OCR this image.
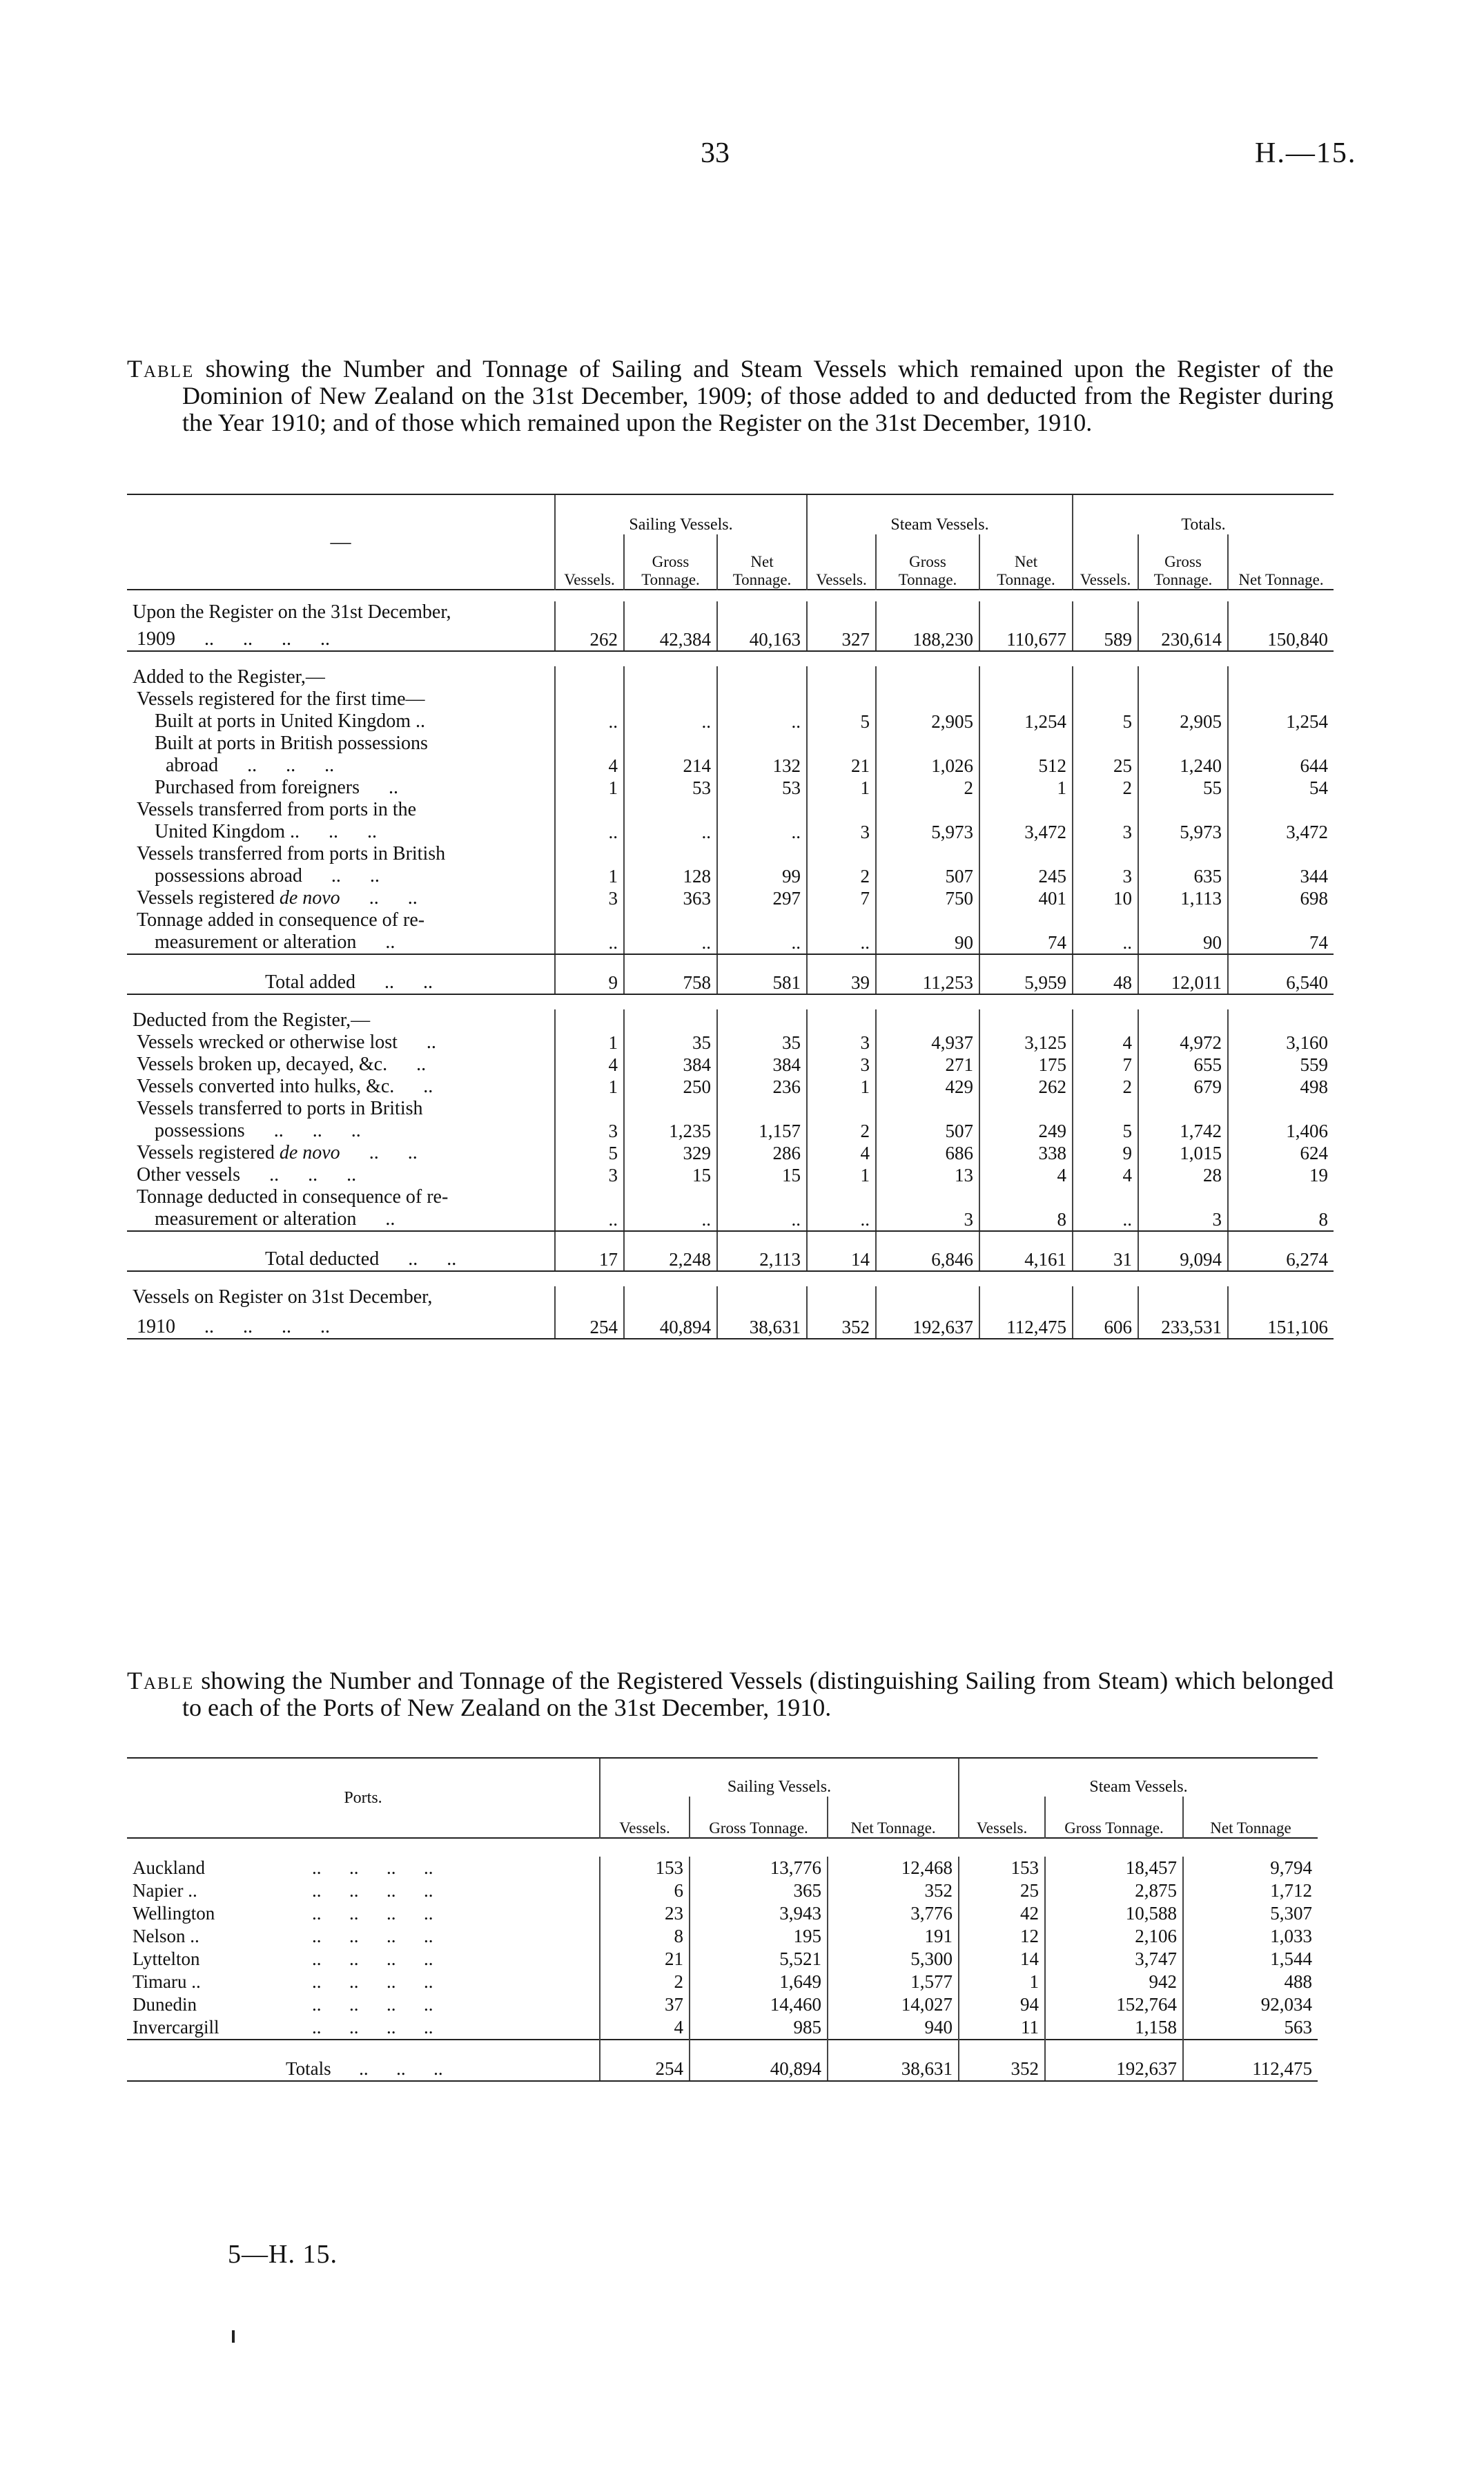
33	H.—15.

Table showing the Number and Tonnage of Sailing and Steam Vessels which remained upon the Register of the Dominion of New Zealand on the 31st December, 1909; of those added to and deducted from the Register during the Year 1910; and of those which remained upon the Register on the 31st December, 1910.

—	Sailing Vessels.			Steam Vessels.			Totals.		
	Vessels.	Gross Tonnage.	Net Tonnage.	Vessels.	Gross Tonnage.	Net Tonnage.	Vessels.	Gross Tonnage.	Net Tonnage.

Upon the Register on the 31st December,									
1909      ..      ..      ..      ..	262	42,384	40,163	327	188,230	110,677	589	230,614	150,840

Added to the Register,—									
Vessels registered for the first time—									
Built at ports in United Kingdom ..	..	..	..	5	2,905	1,254	5	2,905	1,254
Built at ports in British possessions									
abroad      ..      ..      ..	4	214	132	21	1,026	512	25	1,240	644
Purchased from foreigners      ..	1	53	53	1	2	1	2	55	54
Vessels transferred from ports in the									
United Kingdom ..      ..      ..	..	..	..	3	5,973	3,472	3	5,973	3,472
Vessels transferred from ports in British									
possessions abroad      ..      ..	1	128	99	2	507	245	3	635	344
Vessels registered de novo      ..      ..	3	363	297	7	750	401	10	1,113	698
Tonnage added in consequence of re-									
measurement or alteration      ..	..	..	..	..	90	74	..	90	74
Total added      ..      ..	9	758	581	39	11,253	5,959	48	12,011	6,540

Deducted from the Register,—									
Vessels wrecked or otherwise lost      ..	1	35	35	3	4,937	3,125	4	4,972	3,160
Vessels broken up, decayed, &c.      ..	4	384	384	3	271	175	7	655	559
Vessels converted into hulks, &c.      ..	1	250	236	1	429	262	2	679	498
Vessels transferred to ports in British									
possessions      ..      ..      ..	3	1,235	1,157	2	507	249	5	1,742	1,406
Vessels registered de novo      ..      ..	5	329	286	4	686	338	9	1,015	624
Other vessels      ..      ..      ..	3	15	15	1	13	4	4	28	19
Tonnage deducted in consequence of re-									
measurement or alteration      ..	..	..	..	..	3	8	..	3	8
Total deducted      ..      ..	17	2,248	2,113	14	6,846	4,161	31	9,094	6,274

Vessels on Register on 31st December,									
1910      ..      ..      ..      ..	254	40,894	38,631	352	192,637	112,475	606	233,531	151,106

Table showing the Number and Tonnage of the Registered Vessels (distinguishing Sailing from Steam) which belonged to each of the Ports of New Zealand on the 31st December, 1910.

Ports.	Sailing Vessels.			Steam Vessels.		
	Vessels.	Gross Tonnage.	Net Tonnage.	Vessels.	Gross Tonnage.	Net Tonnage

Auckland ..      ..      ..      ..	153	13,776	12,468	153	18,457	9,794
Napier .. ..      ..      ..      ..	6	365	352	25	2,875	1,712
Wellington ..      ..      ..      ..	23	3,943	3,776	42	10,588	5,307
Nelson .. ..      ..      ..      ..	8	195	191	12	2,106	1,033
Lyttelton ..      ..      ..      ..	21	5,521	5,300	14	3,747	1,544
Timaru .. ..      ..      ..      ..	2	1,649	1,577	1	942	488
Dunedin ..      ..      ..      ..	37	14,460	14,027	94	152,764	92,034
Invercargill ..      ..      ..      ..	4	985	940	11	1,158	563
Totals      ..      ..      ..	254	40,894	38,631	352	192,637	112,475
5—H. 15.
